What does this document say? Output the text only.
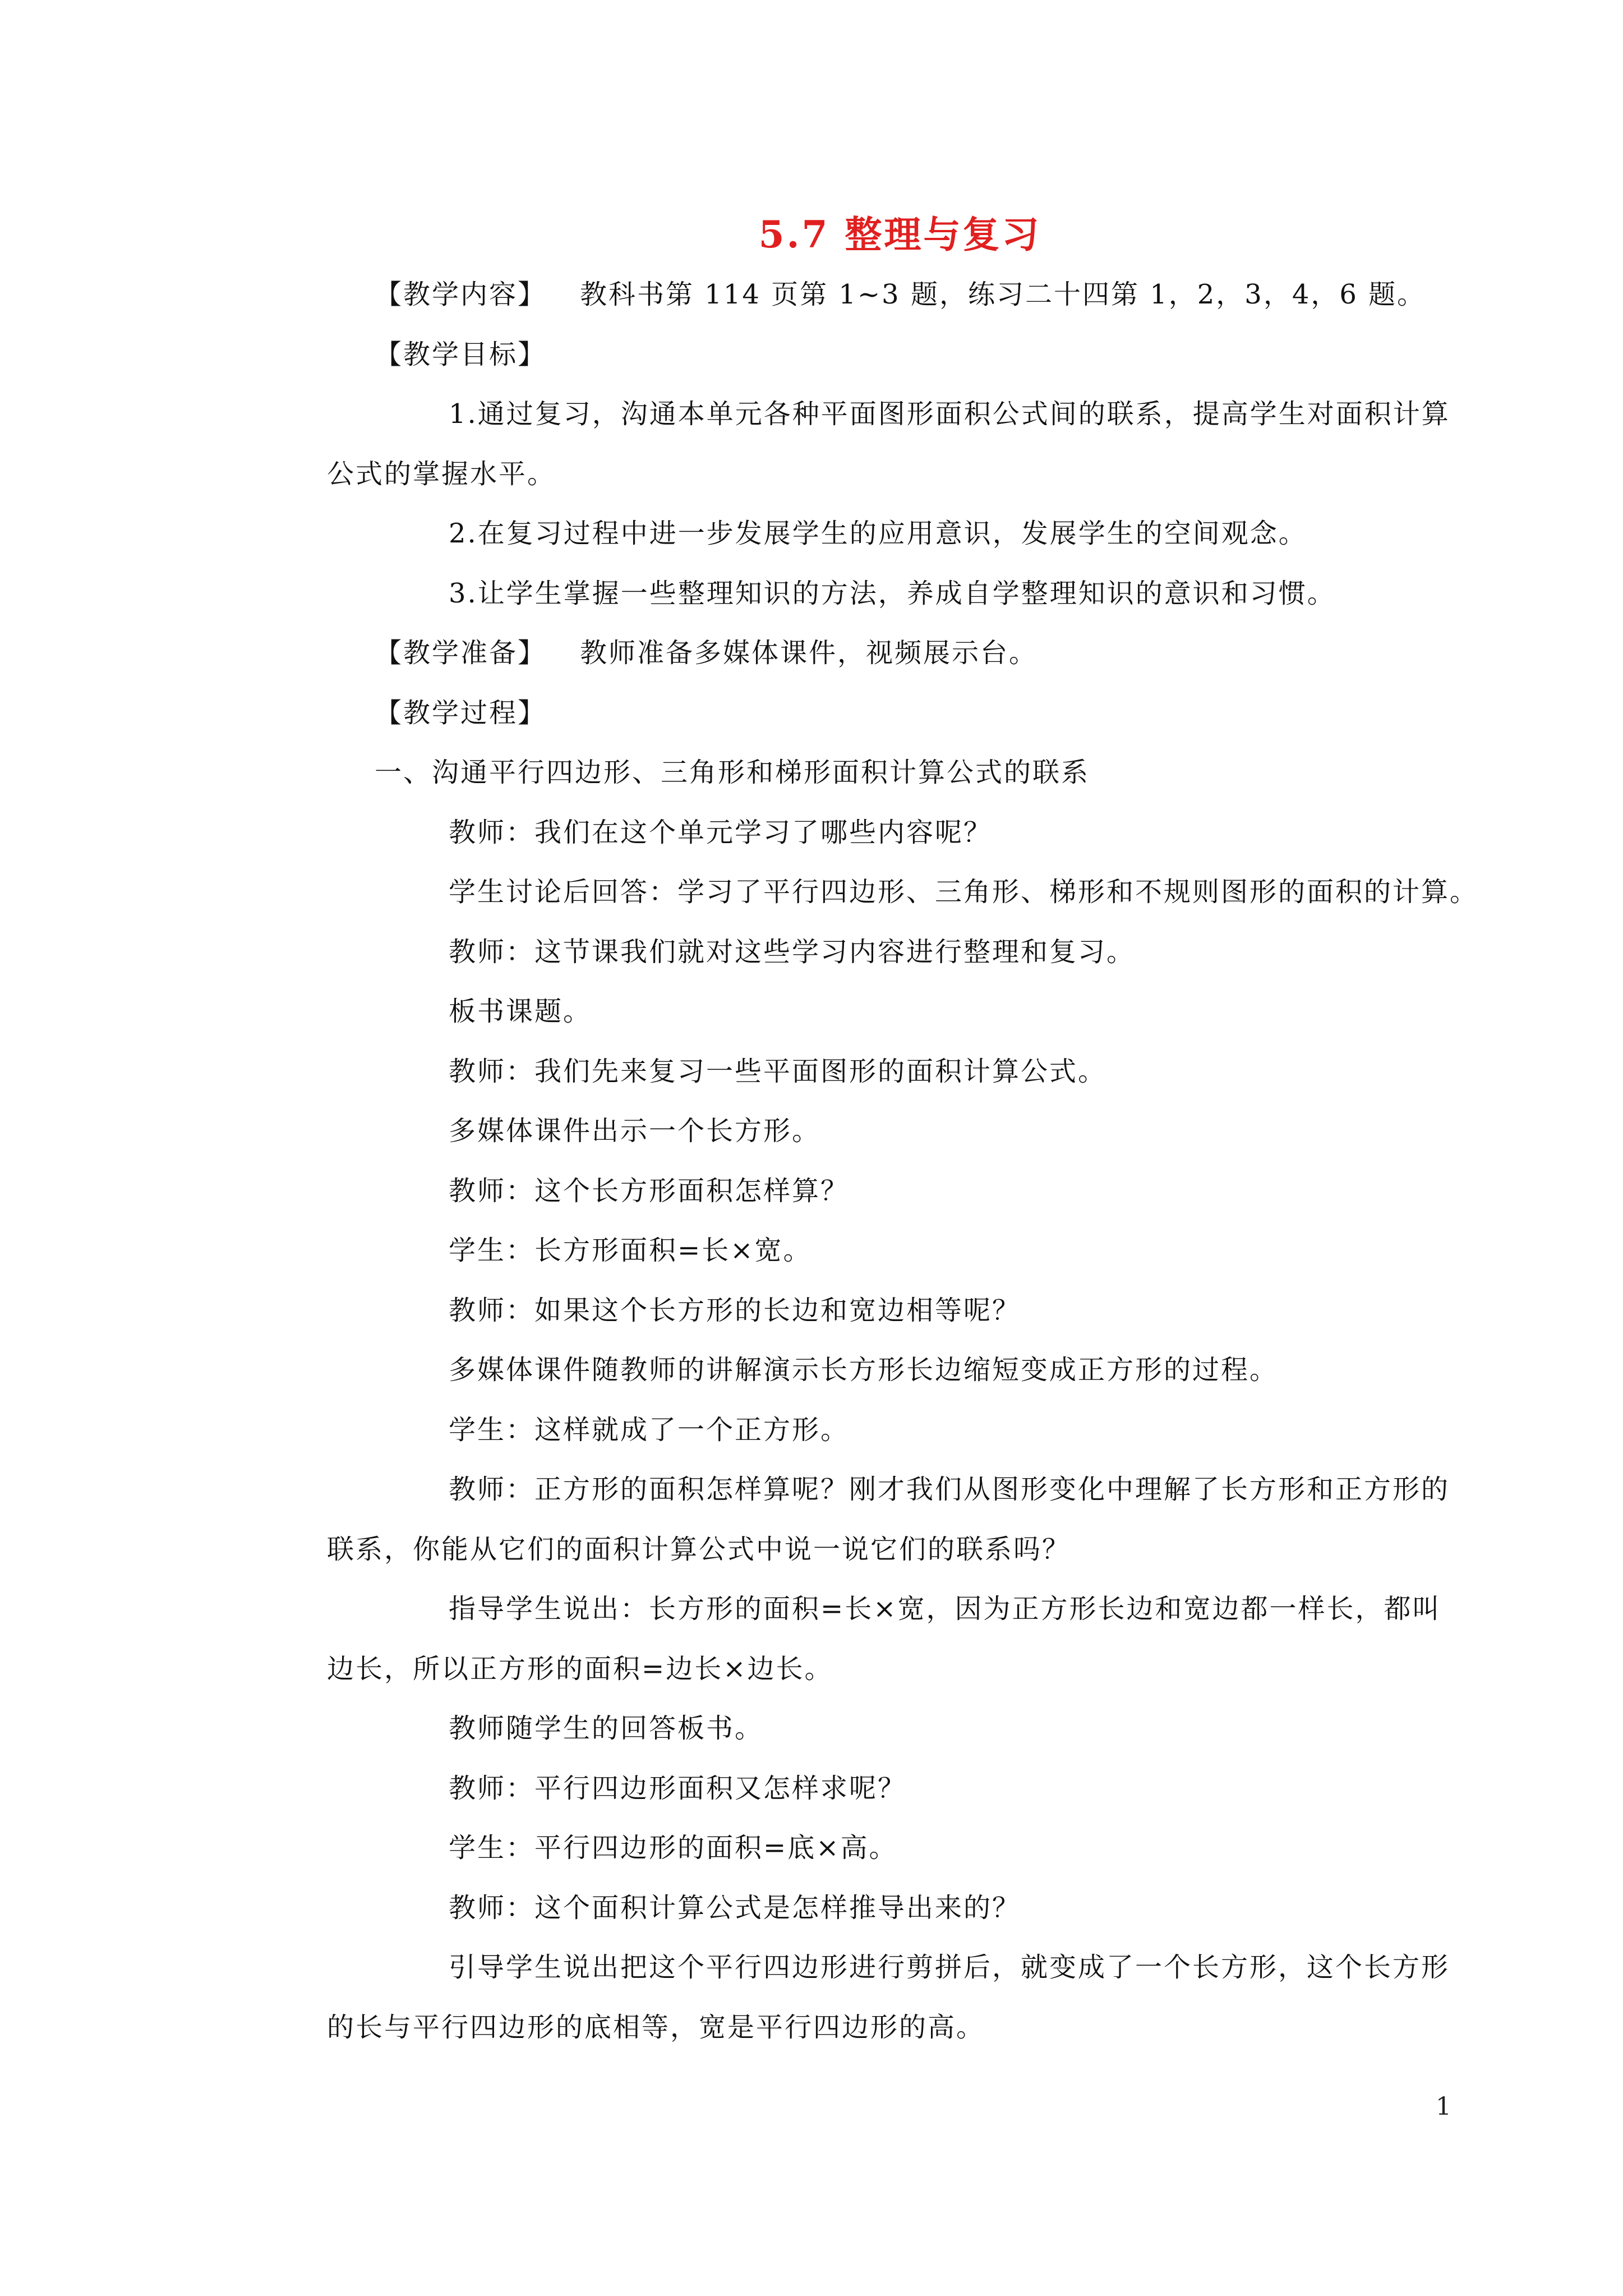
5.7 整理与复习
【教学内容】 教科书第 114 页第 1~3 题，练习二十四第 1，2，3，4，6 题。
【教学目标】
1.通过复习，沟通本单元各种平面图形面积公式间的联系，提高学生对面积计算
公式的掌握水平。
2.在复习过程中进一步发展学生的应用意识，发展学生的空间观念。
3.让学生掌握一些整理知识的方法，养成自学整理知识的意识和习惯。
【教学准备】 教师准备多媒体课件，视频展示台。
【教学过程】
一、沟通平行四边形、三角形和梯形面积计算公式的联系
教师：我们在这个单元学习了哪些内容呢？
学生讨论后回答：学习了平行四边形、三角形、梯形和不规则图形的面积的计算。
教师：这节课我们就对这些学习内容进行整理和复习。
板书课题。
教师：我们先来复习一些平面图形的面积计算公式。
多媒体课件出示一个长方形。
教师：这个长方形面积怎样算？
学生：长方形面积=长×宽。
教师：如果这个长方形的长边和宽边相等呢？
多媒体课件随教师的讲解演示长方形长边缩短变成正方形的过程。
学生：这样就成了一个正方形。
教师：正方形的面积怎样算呢？刚才我们从图形变化中理解了长方形和正方形的
联系，你能从它们的面积计算公式中说一说它们的联系吗？
指导学生说出：长方形的面积=长×宽，因为正方形长边和宽边都一样长，都叫
边长，所以正方形的面积=边长×边长。
教师随学生的回答板书。
教师：平行四边形面积又怎样求呢？
学生：平行四边形的面积=底×高。
教师：这个面积计算公式是怎样推导出来的？
引导学生说出把这个平行四边形进行剪拼后，就变成了一个长方形，这个长方形
的长与平行四边形的底相等，宽是平行四边形的高。
1
